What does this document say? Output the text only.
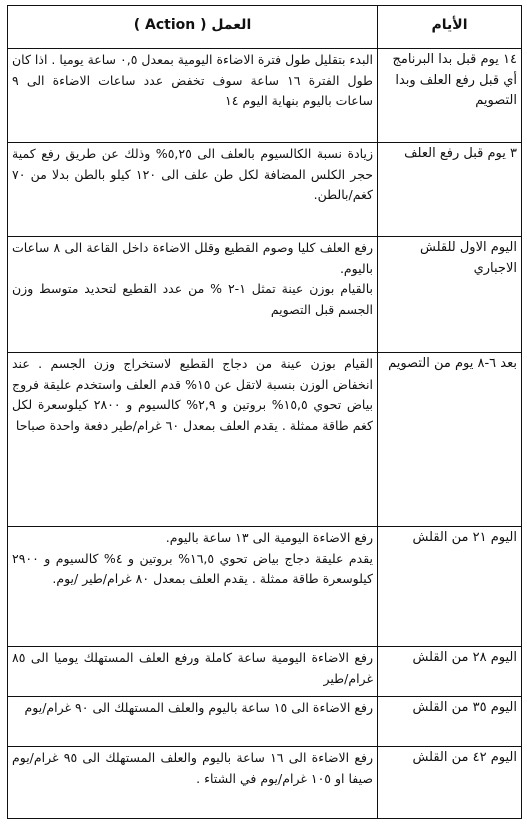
الأيام	العمل ( Action )
١٤ يوم قبل بدا البرنامج أي قبل رفع العلف وبدا التصويم	البدء بتقليل طول فترة الاضاءة اليومية بمعدل ٠,٥ ساعة يوميا . اذا كان طول الفترة ١٦ ساعة سوف تخفض عدد ساعات الاضاءة الى ٩ ساعات باليوم بنهاية اليوم ١٤

٣ يوم قبل رفع العلف	زيادة نسبة الكالسيوم بالعلف الى ٥,٢٥% وذلك عن طريق رفع كمية حجر الكلس المضافة لكل طن علف الى ١٢٠ كيلو بالطن بدلا من ٧٠ كغم/بالطن.

اليوم الاول للقلش الاجباري	رفع العلف كليا وصوم القطيع وقلل الاضاءة داخل القاعة الى ٨ ساعات باليوم.
بالقيام بوزن عينة تمثل ١-٢ % من عدد القطيع لتحديد متوسط وزن الجسم قبل التصويم

بعد ٦-٨ يوم من التصويم	القيام بوزن عينة من دجاج القطيع لاستخراج وزن الجسم . عند انخفاض الوزن بنسبة لاتقل عن ١٥% قدم العلف واستخدم عليقة فروج بياض تحوي ١٥,٥% بروتين و ٢,٩% كالسيوم و ٢٨٠٠ كيلوسعرة لكل كغم طاقة ممثلة . يقدم العلف بمعدل ٦٠ غرام/طير دفعة واحدة صباحا

اليوم ٢١ من القلش	رفع الاضاءة اليومية الى ١٣ ساعة باليوم.
يقدم عليقة دجاج بياض تحوي ١٦,٥% بروتين و ٤% كالسيوم و ٢٩٠٠ كيلوسعرة طاقة ممثلة . يقدم العلف بمعدل ٨٠ غرام/طير /يوم.

اليوم ٢٨ من القلش	رفع الاضاءة اليومية ساعة كاملة ورفع العلف المستهلك يوميا الى ٨٥ غرام/طير

اليوم ٣٥ من القلش	رفع الاضاءة الى ١٥ ساعة باليوم والعلف المستهلك الى ٩٠ غرام/يوم

اليوم ٤٢ من القلش	رفع الاضاءة الى ١٦ ساعة باليوم والعلف المستهلك الى ٩٥ غرام/يوم صيفا او ١٠٥ غرام/يوم في الشتاء .
